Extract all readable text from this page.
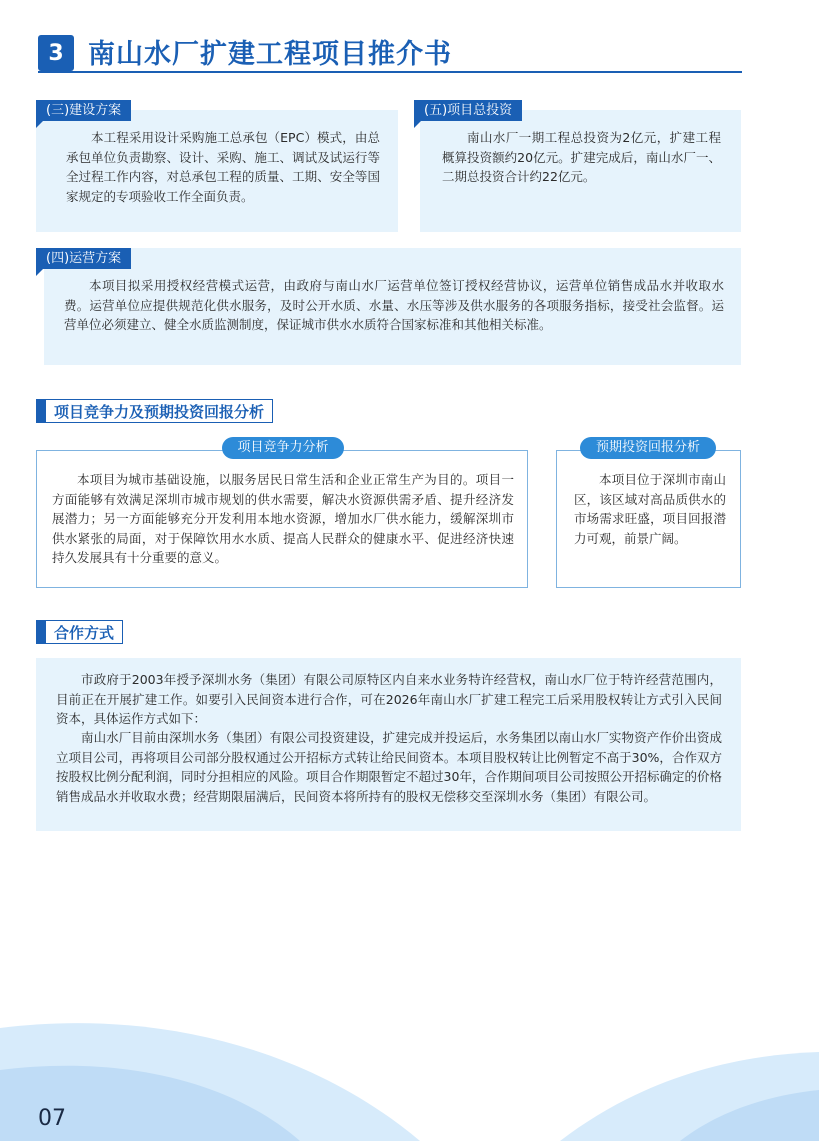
3 南山水厂扩建工程项目推介书
(三)建设方案
本工程采用设计采购施工总承包（EPC）模式，由总承包单位负责勘察、设计、采购、施工、调试及试运行等全过程工作内容，对总承包工程的质量、工期、安全等国家规定的专项验收工作全面负责。
(五)项目总投资
南山水厂一期工程总投资为2亿元，扩建工程概算投资额约20亿元。扩建完成后，南山水厂一、二期总投资合计约22亿元。
(四)运营方案
本项目拟采用授权经营模式运营，由政府与南山水厂运营单位签订授权经营协议，运营单位销售成品水并收取水费。运营单位应提供规范化供水服务，及时公开水质、水量、水压等涉及供水服务的各项服务指标，接受社会监督。运营单位必须建立、健全水质监测制度，保证城市供水水质符合国家标准和其他相关标准。
项目竞争力及预期投资回报分析
项目竞争力分析
本项目为城市基础设施，以服务居民日常生活和企业正常生产为目的。项目一方面能够有效满足深圳市城市规划的供水需要，解决水资源供需矛盾、提升经济发展潜力；另一方面能够充分开发利用本地水资源，增加水厂供水能力，缓解深圳市供水紧张的局面，对于保障饮用水水质、提高人民群众的健康水平、促进经济快速持久发展具有十分重要的意义。
预期投资回报分析
本项目位于深圳市南山区，该区域对高品质供水的市场需求旺盛，项目回报潜力可观，前景广阔。
合作方式
市政府于2003年授予深圳水务（集团）有限公司原特区内自来水业务特许经营权，南山水厂位于特许经营范围内，目前正在开展扩建工作。如要引入民间资本进行合作，可在2026年南山水厂扩建工程完工后采用股权转让方式引入民间资本，具体运作方式如下：
南山水厂目前由深圳水务（集团）有限公司投资建设，扩建完成并投运后，水务集团以南山水厂实物资产作价出资成立项目公司，再将项目公司部分股权通过公开招标方式转让给民间资本。本项目股权转让比例暂定不高于30%，合作双方按股权比例分配利润，同时分担相应的风险。项目合作期限暂定不超过30年，合作期间项目公司按照公开招标确定的价格销售成品水并收取水费；经营期限届满后，民间资本将所持有的股权无偿移交至深圳水务（集团）有限公司。
07
